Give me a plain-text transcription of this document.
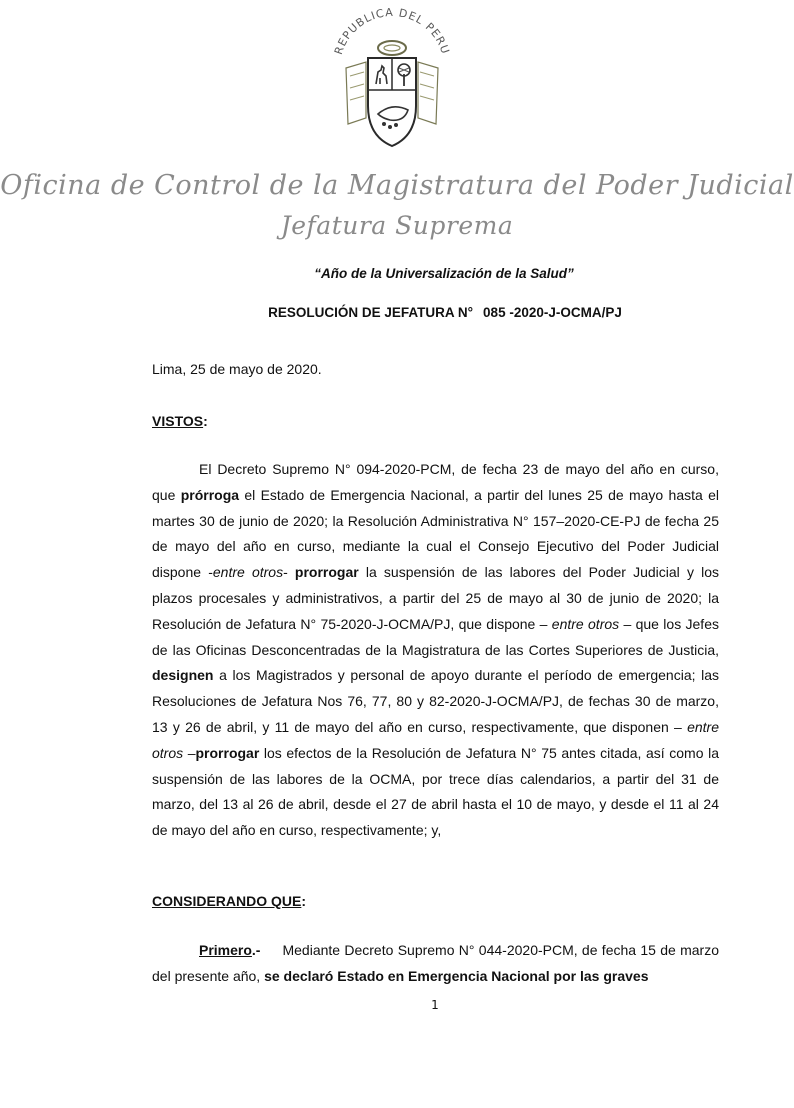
REPUBLICA DEL PERU
Oficina de Control de la Magistratura del Poder Judicial
Jefatura Suprema
“Año de la Universalización de la Salud”
RESOLUCIÓN DE JEFATURA N° 085 -2020-J-OCMA/PJ
Lima, 25 de mayo de 2020.
VISTOS:

El Decreto Supremo N° 094-2020-PCM, de fecha 23 de mayo del año en curso, que prórroga el Estado de Emergencia Nacional, a partir del lunes 25 de mayo hasta el martes 30 de junio de 2020; la Resolución Administrativa N° 157–2020-CE-PJ de fecha 25 de mayo del año en curso, mediante la cual el Consejo Ejecutivo del Poder Judicial dispone -entre otros- prorrogar la suspensión de las labores del Poder Judicial y los plazos procesales y administrativos, a partir del 25 de mayo al 30 de junio de 2020; la Resolución de Jefatura N° 75-2020-J-OCMA/PJ, que dispone – entre otros – que los Jefes de las Oficinas Desconcentradas de la Magistratura de las Cortes Superiores de Justicia, designen a los Magistrados y personal de apoyo durante el período de emergencia; las Resoluciones de Jefatura Nos 76, 77, 80 y 82-2020-J-OCMA/PJ, de fechas 30 de marzo, 13 y 26 de abril, y 11 de mayo del año en curso, respectivamente, que disponen – entre otros –prorrogar los efectos de la Resolución de Jefatura N° 75 antes citada, así como la suspensión de las labores de la OCMA, por trece días calendarios, a partir del 31 de marzo, del 13 al 26 de abril, desde el 27 de abril hasta el 10 de mayo, y desde el 11 al 24 de mayo del año en curso, respectivamente; y,

CONSIDERANDO QUE:

Primero.- Mediante Decreto Supremo N° 044-2020-PCM, de fecha 15 de marzo del presente año, se declaró Estado en Emergencia Nacional por las graves

1
